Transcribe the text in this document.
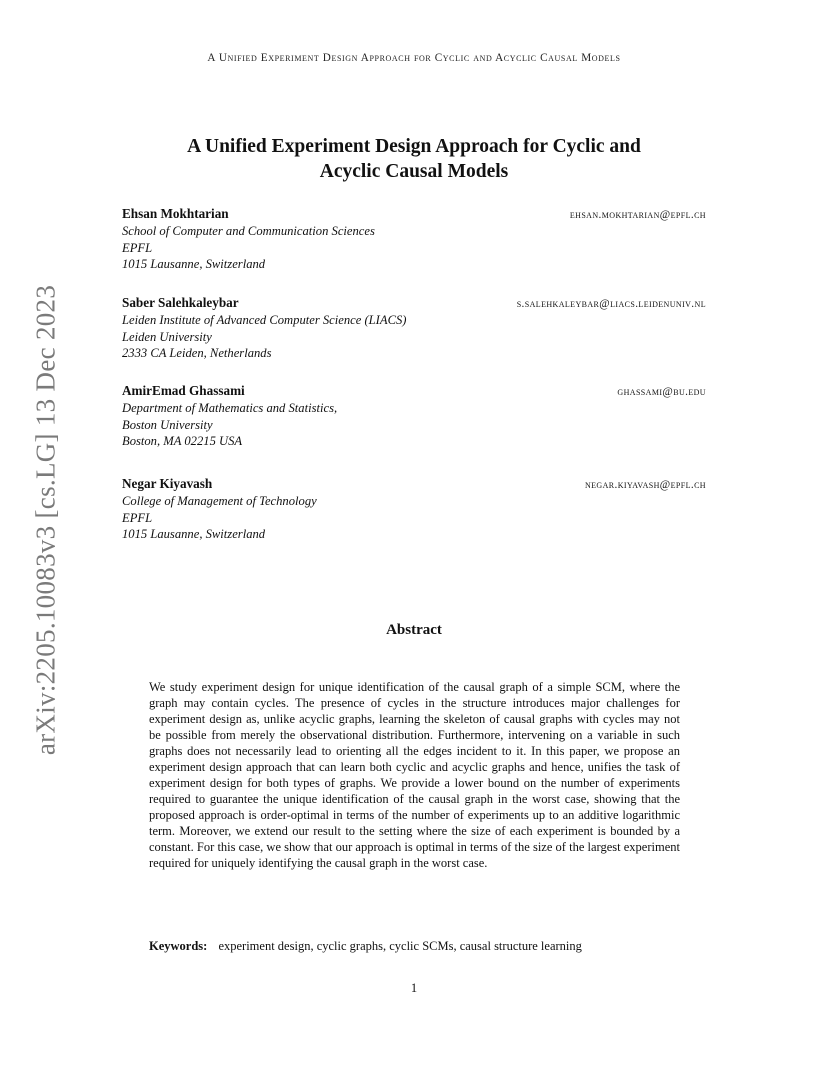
A Unified Experiment Design Approach for Cyclic and Acyclic Causal Models
A Unified Experiment Design Approach for Cyclic and
Acyclic Causal Models
Ehsan Mokhtarian	ehsan.mokhtarian@epfl.ch
School of Computer and Communication Sciences
EPFL
1015 Lausanne, Switzerland
Saber Salehkaleybar	s.salehkaleybar@liacs.leidenuniv.nl
Leiden Institute of Advanced Computer Science (LIACS)
Leiden University
2333 CA Leiden, Netherlands
AmirEmad Ghassami	ghassami@bu.edu
Department of Mathematics and Statistics,
Boston University
Boston, MA 02215 USA
Negar Kiyavash	negar.kiyavash@epfl.ch
College of Management of Technology
EPFL
1015 Lausanne, Switzerland
arXiv:2205.10083v3 [cs.LG] 13 Dec 2023	Abstract
We study experiment design for unique identification of the causal graph of a simple SCM, where the graph may contain cycles. The presence of cycles in the structure introduces major challenges for experiment design as, unlike acyclic graphs, learning the skeleton of causal graphs with cycles may not be possible from merely the observational distribution. Furthermore, intervening on a variable in such graphs does not necessarily lead to orienting all the edges incident to it. In this paper, we propose an experiment design approach that can learn both cyclic and acyclic graphs and hence, unifies the task of experiment design for both types of graphs. We provide a lower bound on the number of experiments required to guarantee the unique identification of the causal graph in the worst case, showing that the proposed approach is order-optimal in terms of the number of experiments up to an additive logarithmic term. Moreover, we extend our result to the setting where the size of each experiment is bounded by a constant. For this case, we show that our approach is optimal in terms of the size of the largest experiment required for uniquely identifying the causal graph in the worst case.
Keywords: experiment design, cyclic graphs, cyclic SCMs, causal structure learning
1
